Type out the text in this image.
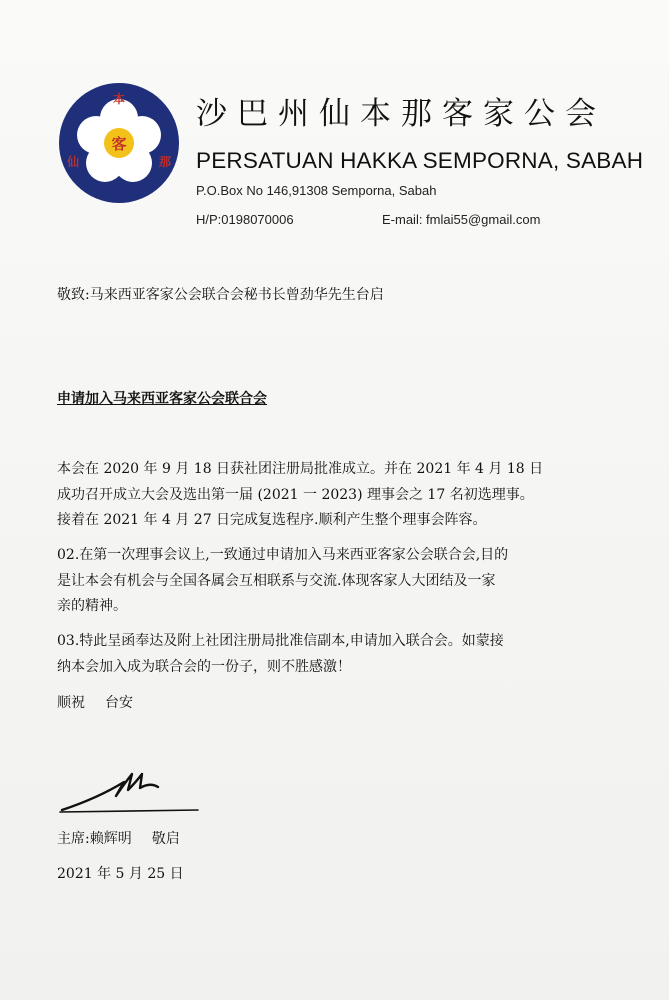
客
本
仙	那
沙巴州仙本那客家公会
PERSATUAN HAKKA SEMPORNA, SABAH
P.O.Box No 146,91308 Semporna, Sabah
H/P:0198070006	E-mail: fmlai55@gmail.com
敬致:马来西亚客家公会联合会秘书长曾劲华先生台启
申请加入马来西亚客家公会联合会
本会在 2020 年 9 月 18 日获社团注册局批准成立。并在 2021 年 4 月 18 日
成功召开成立大会及选出第一届 (2021 一 2023) 理事会之 17 名初选理事。
接着在 2021 年 4 月 27 日完成复选程序.顺利产生整个理事会阵容。
02.在第一次理事会议上,一致通过申请加入马来西亚客家公会联合会,目的
是让本会有机会与全国各属会互相联系与交流.体现客家人大团结及一家
亲的精神。
03.特此呈函奉达及附上社团注册局批准信副本,申请加入联合会。如蒙接
纳本会加入成为联合会的一份子，则不胜感激！
顺祝 台安
主席:赖辉明 敬启
2021 年 5 月 25 日
